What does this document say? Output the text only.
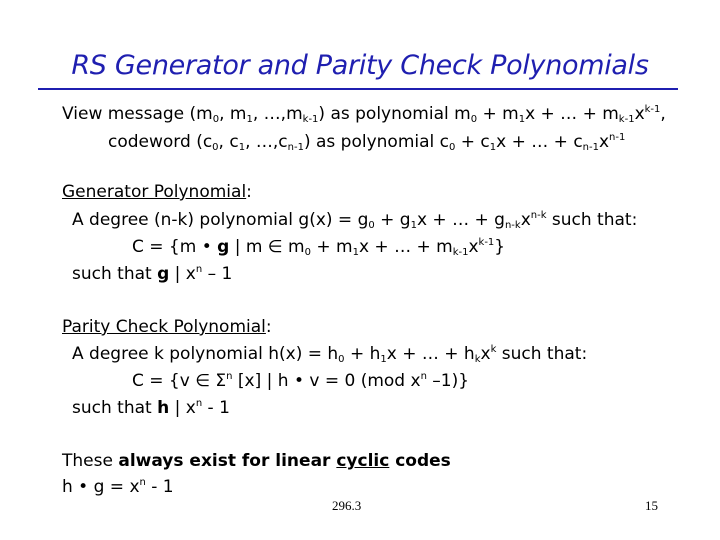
RS Generator and Parity Check Polynomials
View message ($m_0$, $m_1$, $\dots,m_{k-1}$) as polynomial $m_0 + m_1x$ + … + $m_{k-1}x^{k-1}$,
codeword ($c_0$, $c_1$, $\dots,c_{n-1}$) as polynomial $c_0 + c_1x$ + … + $c_{n-1}x^{n-1}$
Generator Polynomial:
A degree (n-k) polynomial $g(x) = g_0 + g_1x$ + … + $g_{n-k}x^{n-k}$ such that:
C = {m • g | m ∈ $m_0 + m_1x$ + … + $m_{k-1}x^{k-1}$}
such that g | $x^n - 1$
Parity Check Polynomial:
A degree k polynomial $h(x) = h_0 + h_1x$ + … + $h_kx^k$ such that:
C = {v ∈ $\Sigma^n$ [x] | h • v = 0 (mod $x^n$ –1)}
such that h | $x^n - 1$
These always exist for linear cyclic codes
h • $g = x^n - 1$
296.3	15
